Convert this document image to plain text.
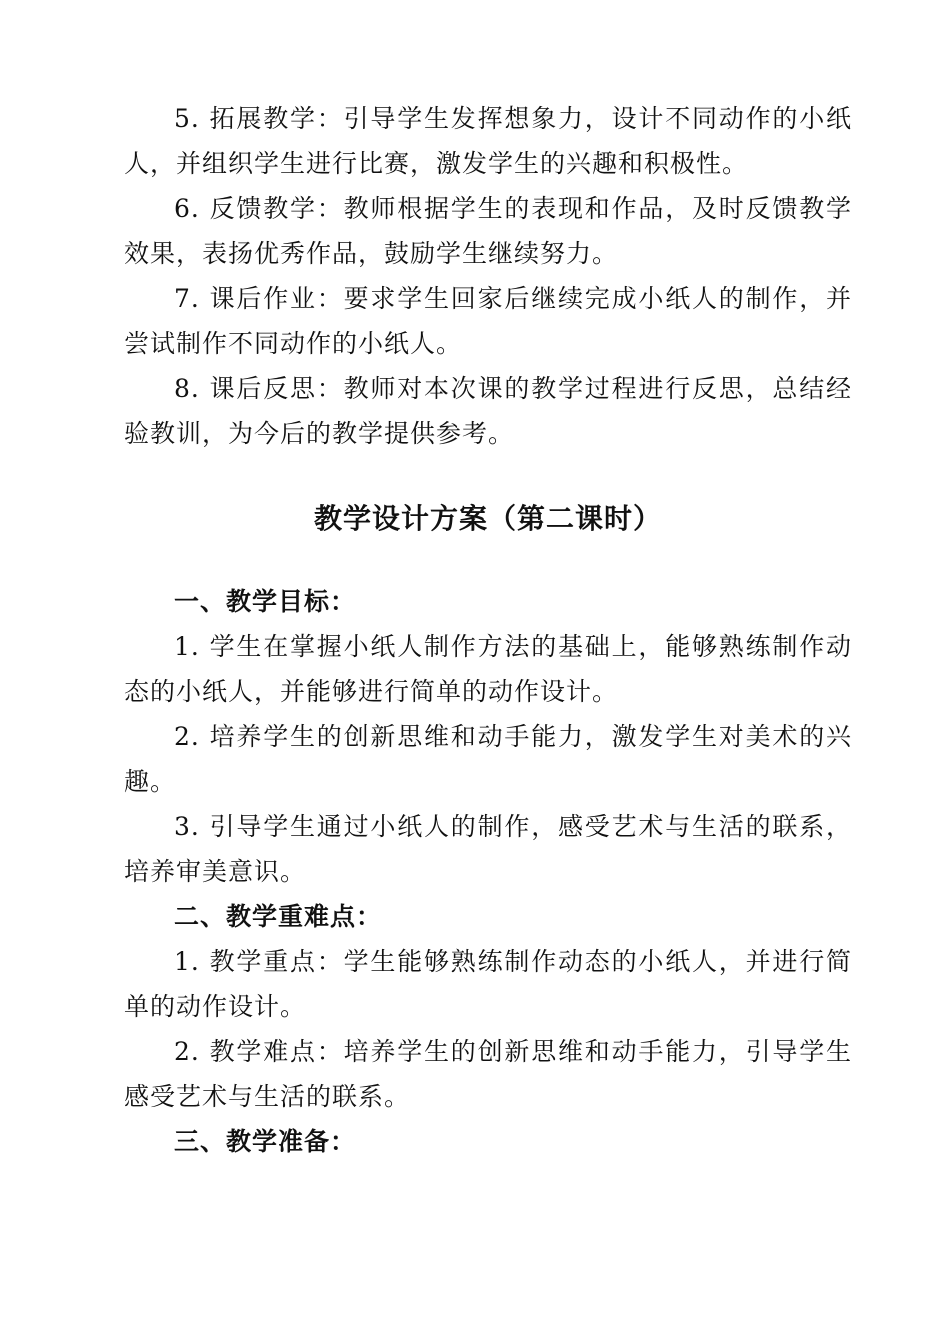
5. 拓展教学：引导学生发挥想象力，设计不同动作的小纸人，并组织学生进行比赛，激发学生的兴趣和积极性。

6. 反馈教学：教师根据学生的表现和作品，及时反馈教学效果，表扬优秀作品，鼓励学生继续努力。

7. 课后作业：要求学生回家后继续完成小纸人的制作，并尝试制作不同动作的小纸人。

8. 课后反思：教师对本次课的教学过程进行反思，总结经验教训，为今后的教学提供参考。

教学设计方案（第二课时）
一、教学目标：

1. 学生在掌握小纸人制作方法的基础上，能够熟练制作动态的小纸人，并能够进行简单的动作设计。

2. 培养学生的创新思维和动手能力，激发学生对美术的兴趣。

3. 引导学生通过小纸人的制作，感受艺术与生活的联系，培养审美意识。

二、教学重难点：

1. 教学重点：学生能够熟练制作动态的小纸人，并进行简单的动作设计。

2. 教学难点：培养学生的创新思维和动手能力，引导学生感受艺术与生活的联系。

三、教学准备：
